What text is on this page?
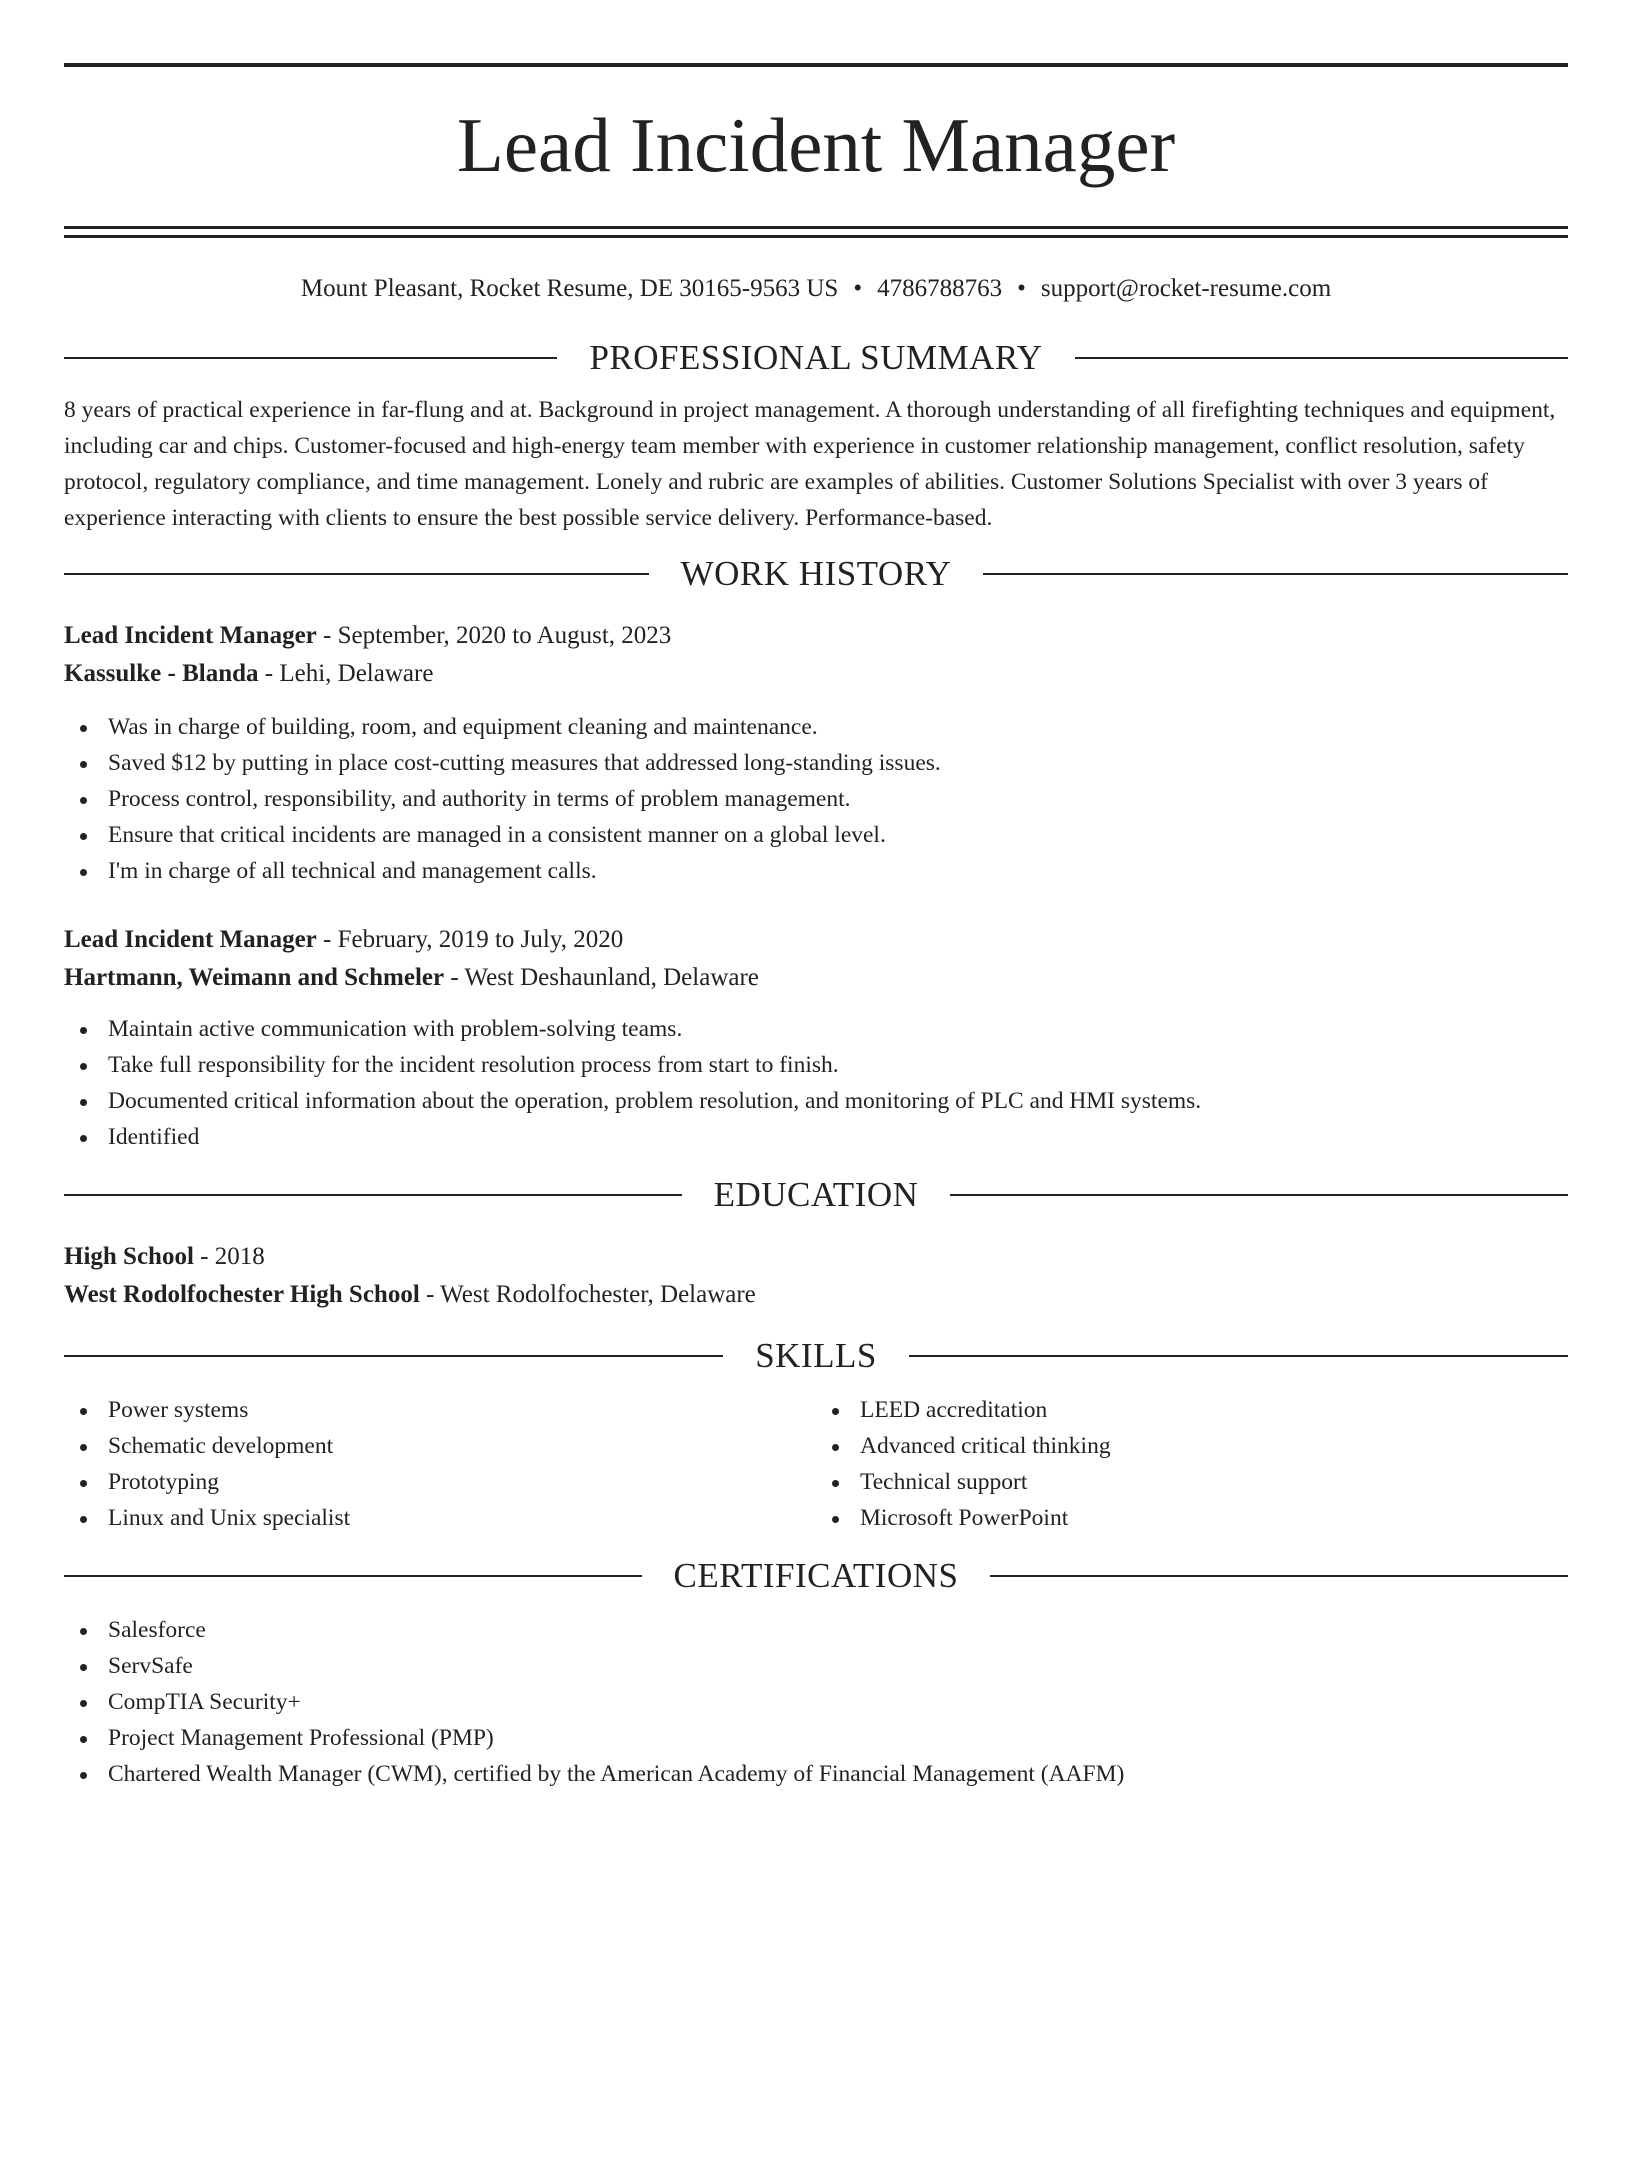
Lead Incident Manager
Mount Pleasant, Rocket Resume, DE 30165-9563 US • 4786788763 • support@rocket-resume.com
PROFESSIONAL SUMMARY

8 years of practical experience in far-flung and at. Background in project management. A thorough understanding of all firefighting techniques and equipment, including car and chips. Customer-focused and high-energy team member with experience in customer relationship management, conflict resolution, safety protocol, regulatory compliance, and time management. Lonely and rubric are examples of abilities. Customer Solutions Specialist with over 3 years of experience interacting with clients to ensure the best possible service delivery. Performance-based.

WORK HISTORY
Lead Incident Manager - September, 2020 to August, 2023
Kassulke - Blanda - Lehi, Delaware
Was in charge of building, room, and equipment cleaning and maintenance.
Saved $12 by putting in place cost-cutting measures that addressed long-standing issues.
Process control, responsibility, and authority in terms of problem management.
Ensure that critical incidents are managed in a consistent manner on a global level.
I'm in charge of all technical and management calls.
Lead Incident Manager - February, 2019 to July, 2020
Hartmann, Weimann and Schmeler - West Deshaunland, Delaware
Maintain active communication with problem-solving teams.
Take full responsibility for the incident resolution process from start to finish.
Documented critical information about the operation, problem resolution, and monitoring of PLC and HMI systems.
Identified
EDUCATION
High School - 2018
West Rodolfochester High School - West Rodolfochester, Delaware
SKILLS
Power systems
Schematic development
Prototyping
Linux and Unix specialist
LEED accreditation
Advanced critical thinking
Technical support
Microsoft PowerPoint
CERTIFICATIONS
Salesforce
ServSafe
CompTIA Security+
Project Management Professional (PMP)
Chartered Wealth Manager (CWM), certified by the American Academy of Financial Management (AAFM)
